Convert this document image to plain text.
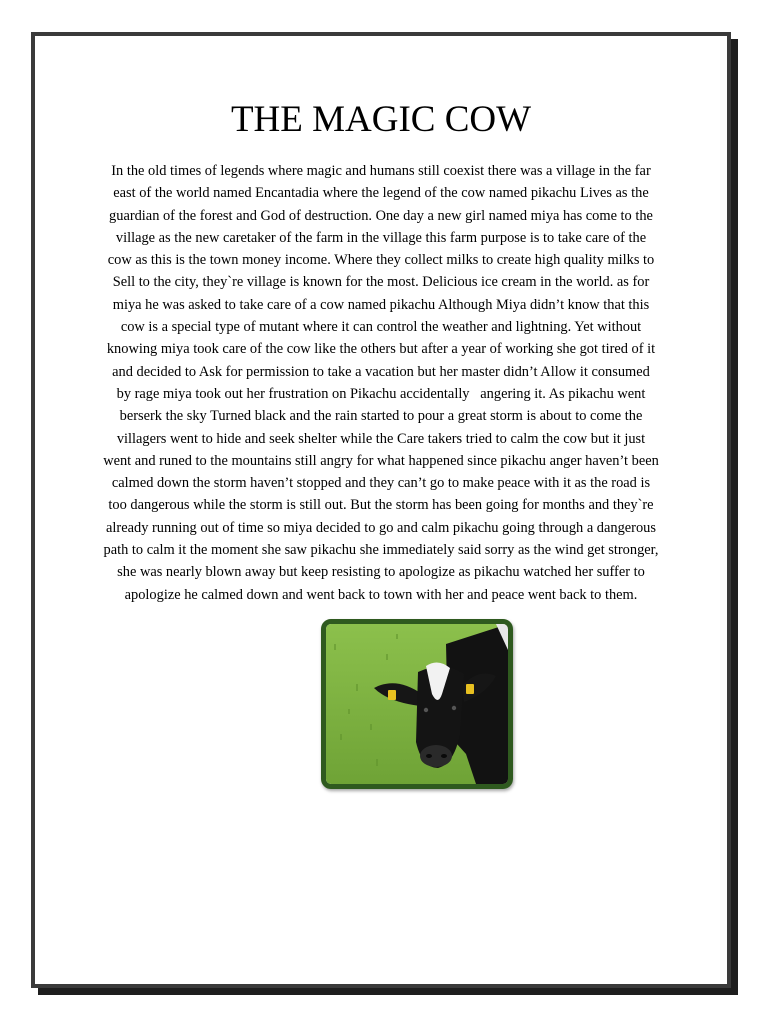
THE MAGIC COW

In the old times of legends where magic and humans still coexist there was a village in the far
east of the world named Encantadia where the legend of the cow named pikachu Lives as the
guardian of the forest and God of destruction. One day a new girl named miya has come to the
village as the new caretaker of the farm in the village this farm purpose is to take care of the
cow as this is the town money income. Where they collect milks to create high quality milks to
Sell to the city, they`re village is known for the most. Delicious ice cream in the world. as for
miya he was asked to take care of a cow named pikachu Although Miya didn’t know that this
cow is a special type of mutant where it can control the weather and lightning. Yet without
knowing miya took care of the cow like the others but after a year of working she got tired of it
and decided to Ask for permission to take a vacation but her master didn’t Allow it consumed
by rage miya took out her frustration on Pikachu accidentally   angering it. As pikachu went
berserk the sky Turned black and the rain started to pour a great storm is about to come the
villagers went to hide and seek shelter while the Care takers tried to calm the cow but it just
went and runed to the mountains still angry for what happened since pikachu anger haven’t been
calmed down the storm haven’t stopped and they can’t go to make peace with it as the road is
too dangerous while the storm is still out. But the storm has been going for months and they`re
already running out of time so miya decided to go and calm pikachu going through a dangerous
path to calm it the moment she saw pikachu she immediately said sorry as the wind get stronger,
she was nearly blown away but keep resisting to apologize as pikachu watched her suffer to
apologize he calmed down and went back to town with her and peace went back to them.
